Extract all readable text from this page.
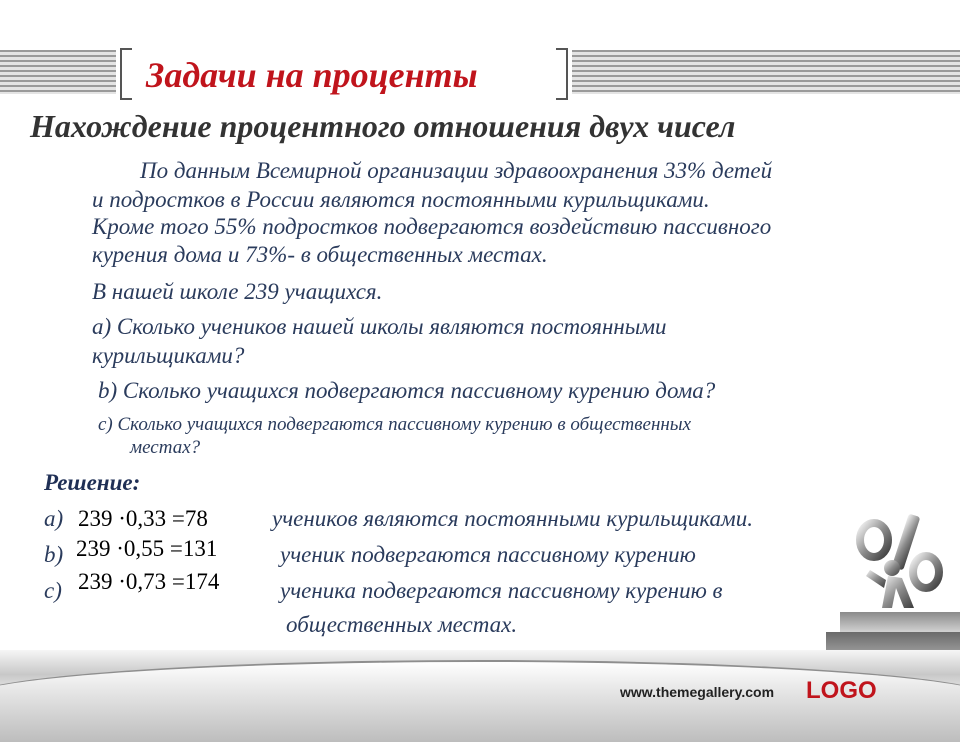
Задачи на проценты
Нахождение процентного отношения двух чисел
По данным Всемирной организации здравоохранения 33% детей
и подростков в России являются постоянными курильщиками.
Кроме того 55% подростков подвергаются воздействию пассивного
курения дома и 73%- в общественных местах.
В нашей школе 239 учащихся.
а) Сколько учеников нашей школы являются постоянными
курильщиками?
b) Сколько учащихся подвергаются пассивному курению дома?
c) Сколько учащихся подвергаются пассивному курению в общественных
местах?
Решение:
а) 239 ·0,33 =78	учеников являются постоянными курильщиками.
b) 239 ·0,55 =131	ученик подвергаются пассивному курению
c) 239 ·0,73 =174	ученика подвергаются пассивному курению в
общественных местах.
www.themegallery.com LOGO
